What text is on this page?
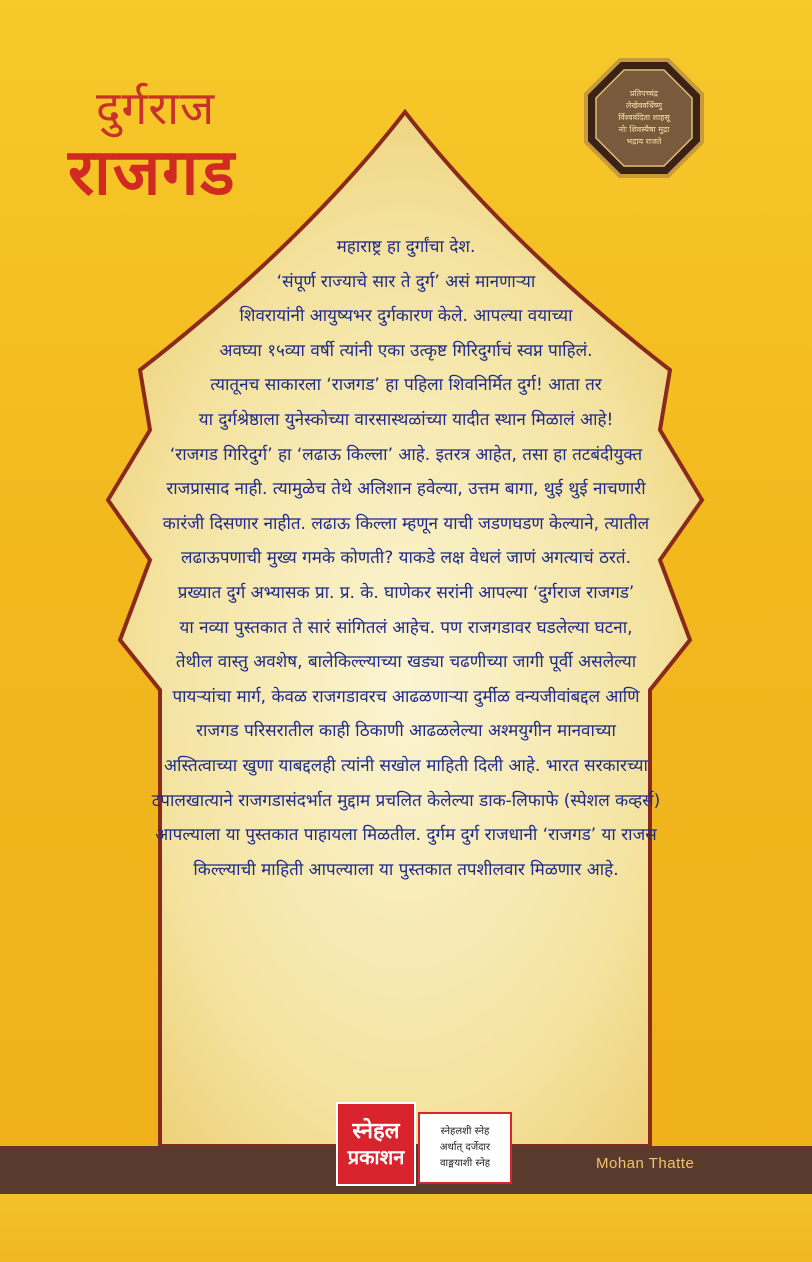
प्रतिपच्चंद्र
लेखेववर्धिष्णु
र्विश्ववंदिता शाहसू
नोः शिवस्यैषा मुद्रा
भद्राय राजते
दुर्गराज
राजगड
महाराष्ट्र हा दुर्गांचा देश.
‘संपूर्ण राज्याचे सार ते दुर्ग’ असं मानणाऱ्या
शिवरायांनी आयुष्यभर दुर्गकारण केले. आपल्या वयाच्या
अवघ्या १५व्या वर्षी त्यांनी एका उत्कृष्ट गिरिदुर्गाचं स्वप्न पाहिलं.
त्यातूनच साकारला ‘राजगड’ हा पहिला शिवनिर्मित दुर्ग! आता तर
या दुर्गश्रेष्ठाला युनेस्कोच्या वारसास्थळांच्या यादीत स्थान मिळालं आहे!
‘राजगड गिरिदुर्ग’ हा ‘लढाऊ किल्ला’ आहे. इतरत्र आहेत, तसा हा तटबंदीयुक्त
राजप्रासाद नाही. त्यामुळेच तेथे अलिशान हवेल्या, उत्तम बागा, थुई थुई नाचणारी
कारंजी दिसणार नाहीत. लढाऊ किल्ला म्हणून याची जडणघडण केल्याने, त्यातील
लढाऊपणाची मुख्य गमके कोणती? याकडे लक्ष वेधलं जाणं अगत्याचं ठरतं.
प्रख्यात दुर्ग अभ्यासक प्रा. प्र. के. घाणेकर सरांनी आपल्या ‘दुर्गराज राजगड’
या नव्या पुस्तकात ते सारं सांगितलं आहेच. पण राजगडावर घडलेल्या घटना,
तेथील वास्तु अवशेष, बालेकिल्ल्याच्या खड्या चढणीच्या जागी पूर्वी असलेल्या
पायऱ्यांचा मार्ग, केवळ राजगडावरच आढळणाऱ्या दुर्मीळ वन्यजीवांबद्दल आणि
राजगड परिसरातील काही ठिकाणी आढळलेल्या अश्मयुगीन मानवाच्या
अस्तित्वाच्या खुणा याबद्दलही त्यांनी सखोल माहिती दिली आहे. भारत सरकारच्या
टपालखात्याने राजगडासंदर्भात मुद्दाम प्रचलित केलेल्या डाक-लिफाफे (स्पेशल कव्हर्स)
आपल्याला या पुस्तकात पाहायला मिळतील. दुर्गम दुर्ग राजधानी ‘राजगड’ या राजस
किल्ल्याची माहिती आपल्याला या पुस्तकात तपशीलवार मिळणार आहे.
स्नेहल
प्रकाशन
स्नेहलशी स्नेह
अर्थात् दर्जेदार
वाङ्मयाशी स्नेह	Mohan Thatte
